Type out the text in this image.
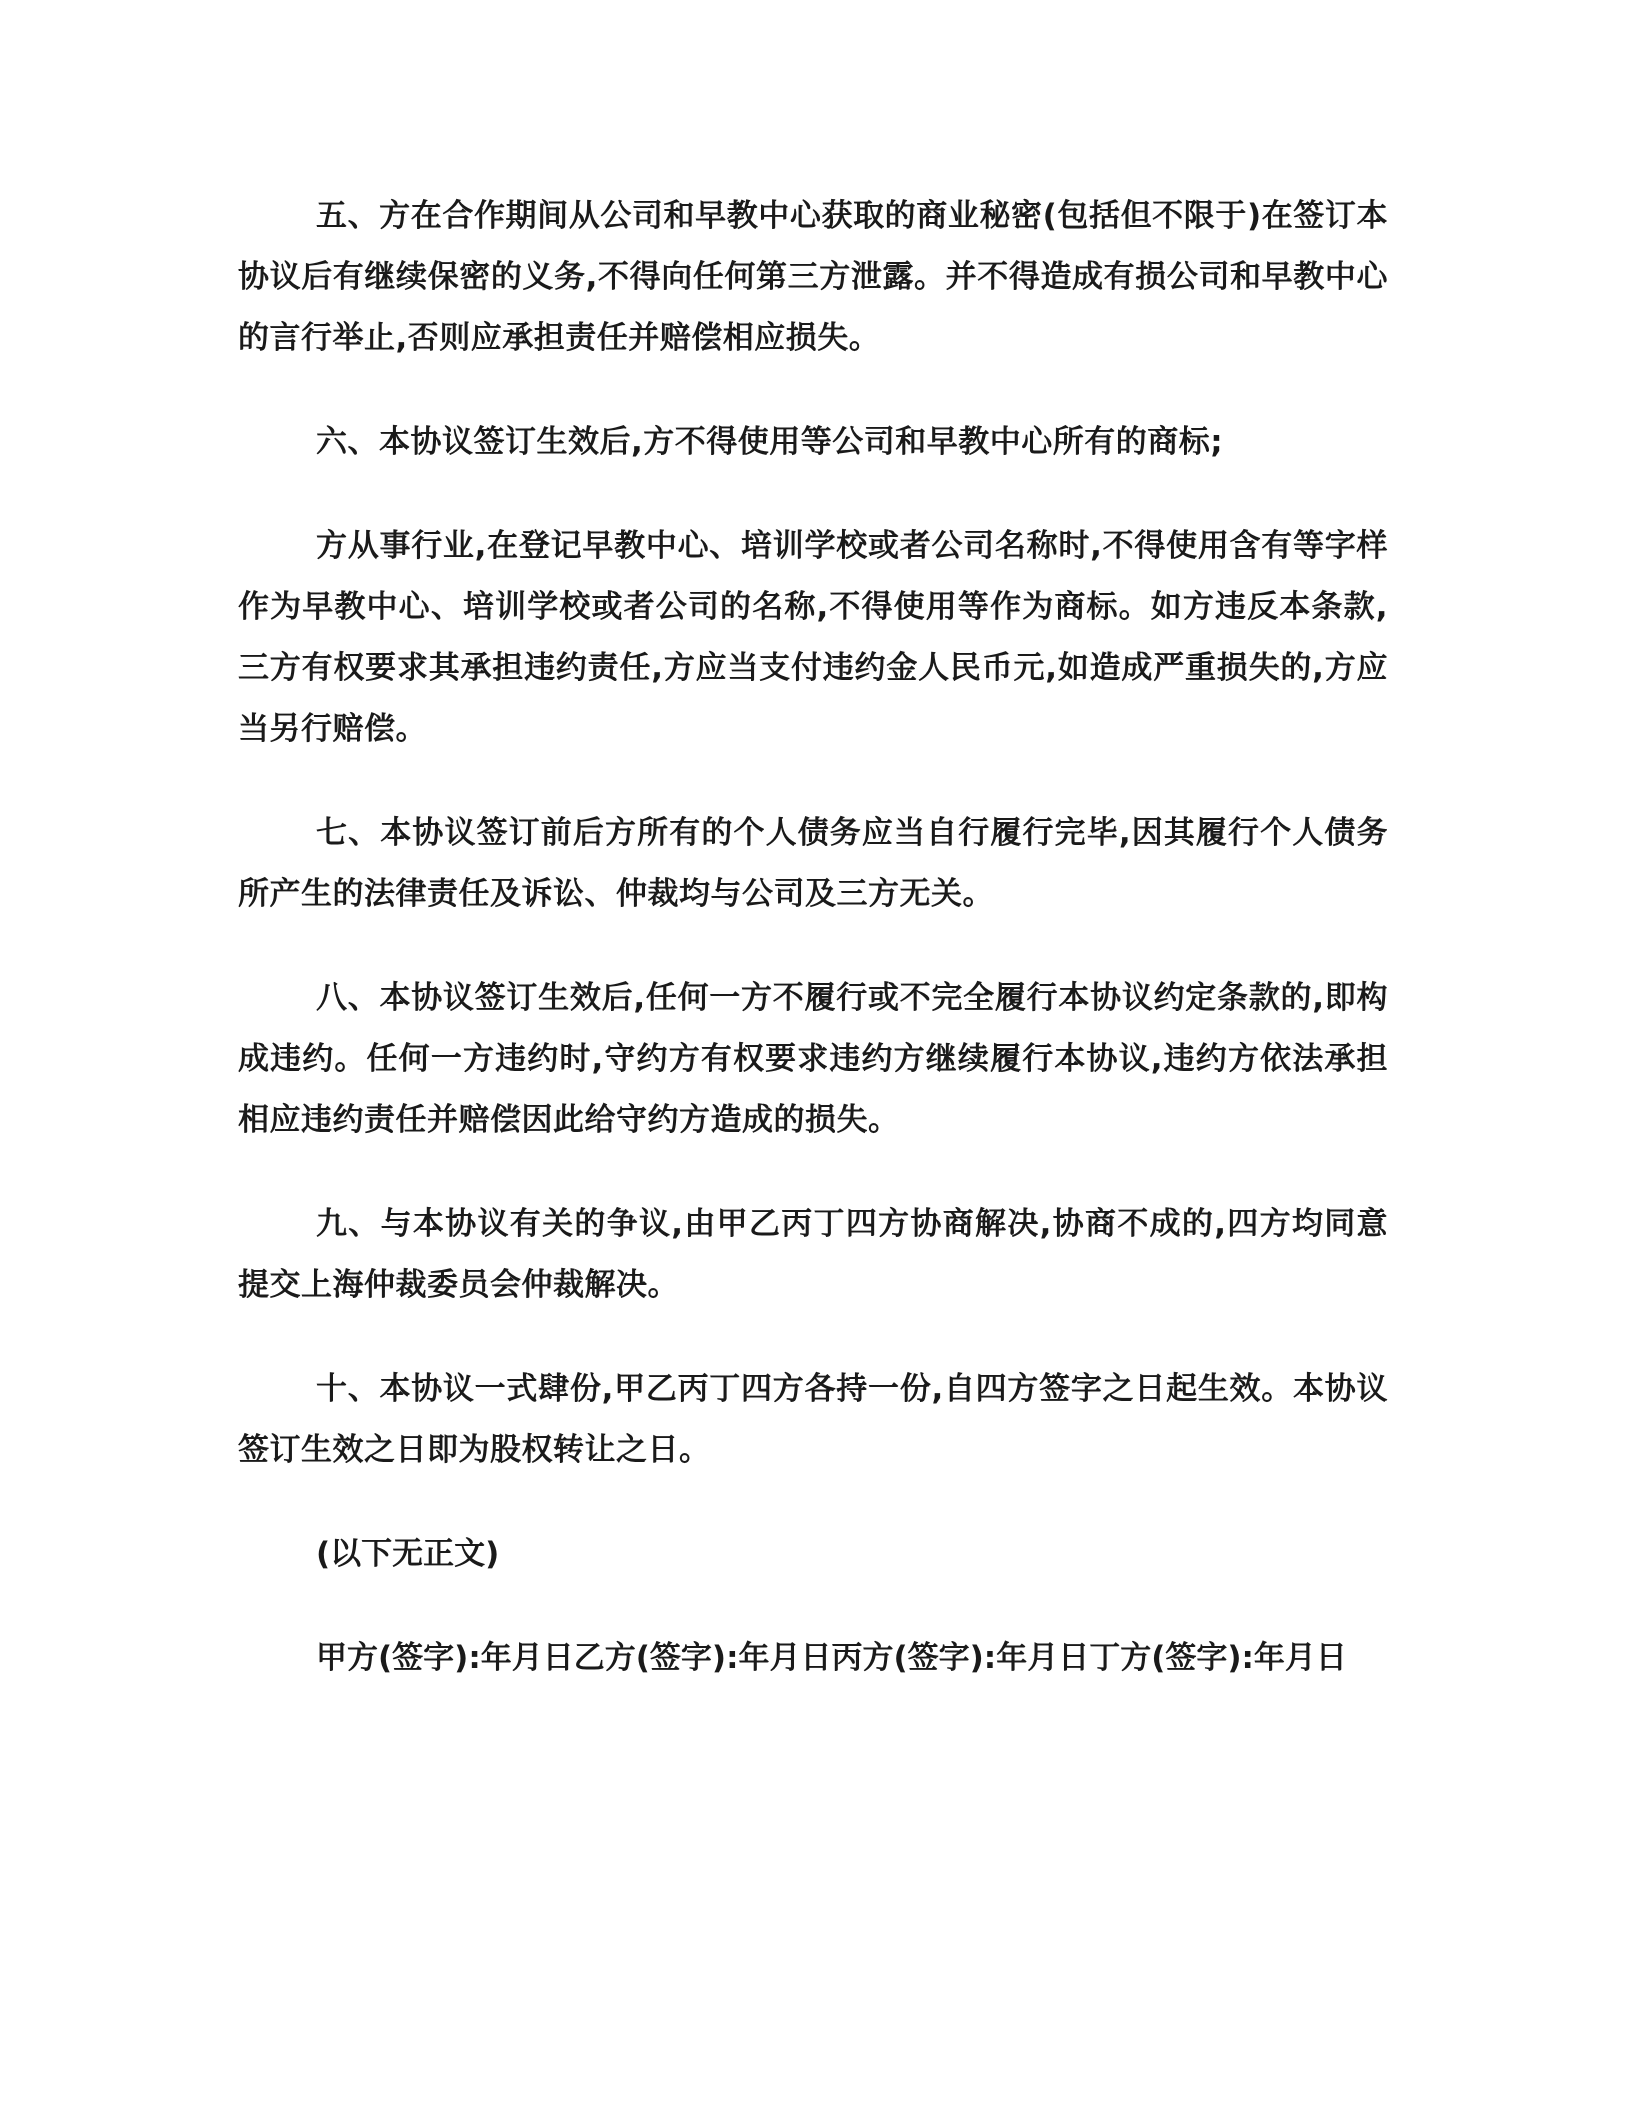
五、方在合作期间从公司和早教中心获取的商业秘密(包括但不限于)在签订本协议后有继续保密的义务,不得向任何第三方泄露。并不得造成有损公司和早教中心的言行举止,否则应承担责任并赔偿相应损失。

六、本协议签订生效后,方不得使用等公司和早教中心所有的商标;

方从事行业,在登记早教中心、培训学校或者公司名称时,不得使用含有等字样作为早教中心、培训学校或者公司的名称,不得使用等作为商标。如方违反本条款,三方有权要求其承担违约责任,方应当支付违约金人民币元,如造成严重损失的,方应当另行赔偿。

七、本协议签订前后方所有的个人债务应当自行履行完毕,因其履行个人债务所产生的法律责任及诉讼、仲裁均与公司及三方无关。

八、本协议签订生效后,任何一方不履行或不完全履行本协议约定条款的,即构成违约。任何一方违约时,守约方有权要求违约方继续履行本协议,违约方依法承担相应违约责任并赔偿因此给守约方造成的损失。

九、与本协议有关的争议,由甲乙丙丁四方协商解决,协商不成的,四方均同意提交上海仲裁委员会仲裁解决。

十、本协议一式肆份,甲乙丙丁四方各持一份,自四方签字之日起生效。本协议签订生效之日即为股权转让之日。

(以下无正文)

甲方(签字):年月日乙方(签字):年月日丙方(签字):年月日丁方(签字):年月日
